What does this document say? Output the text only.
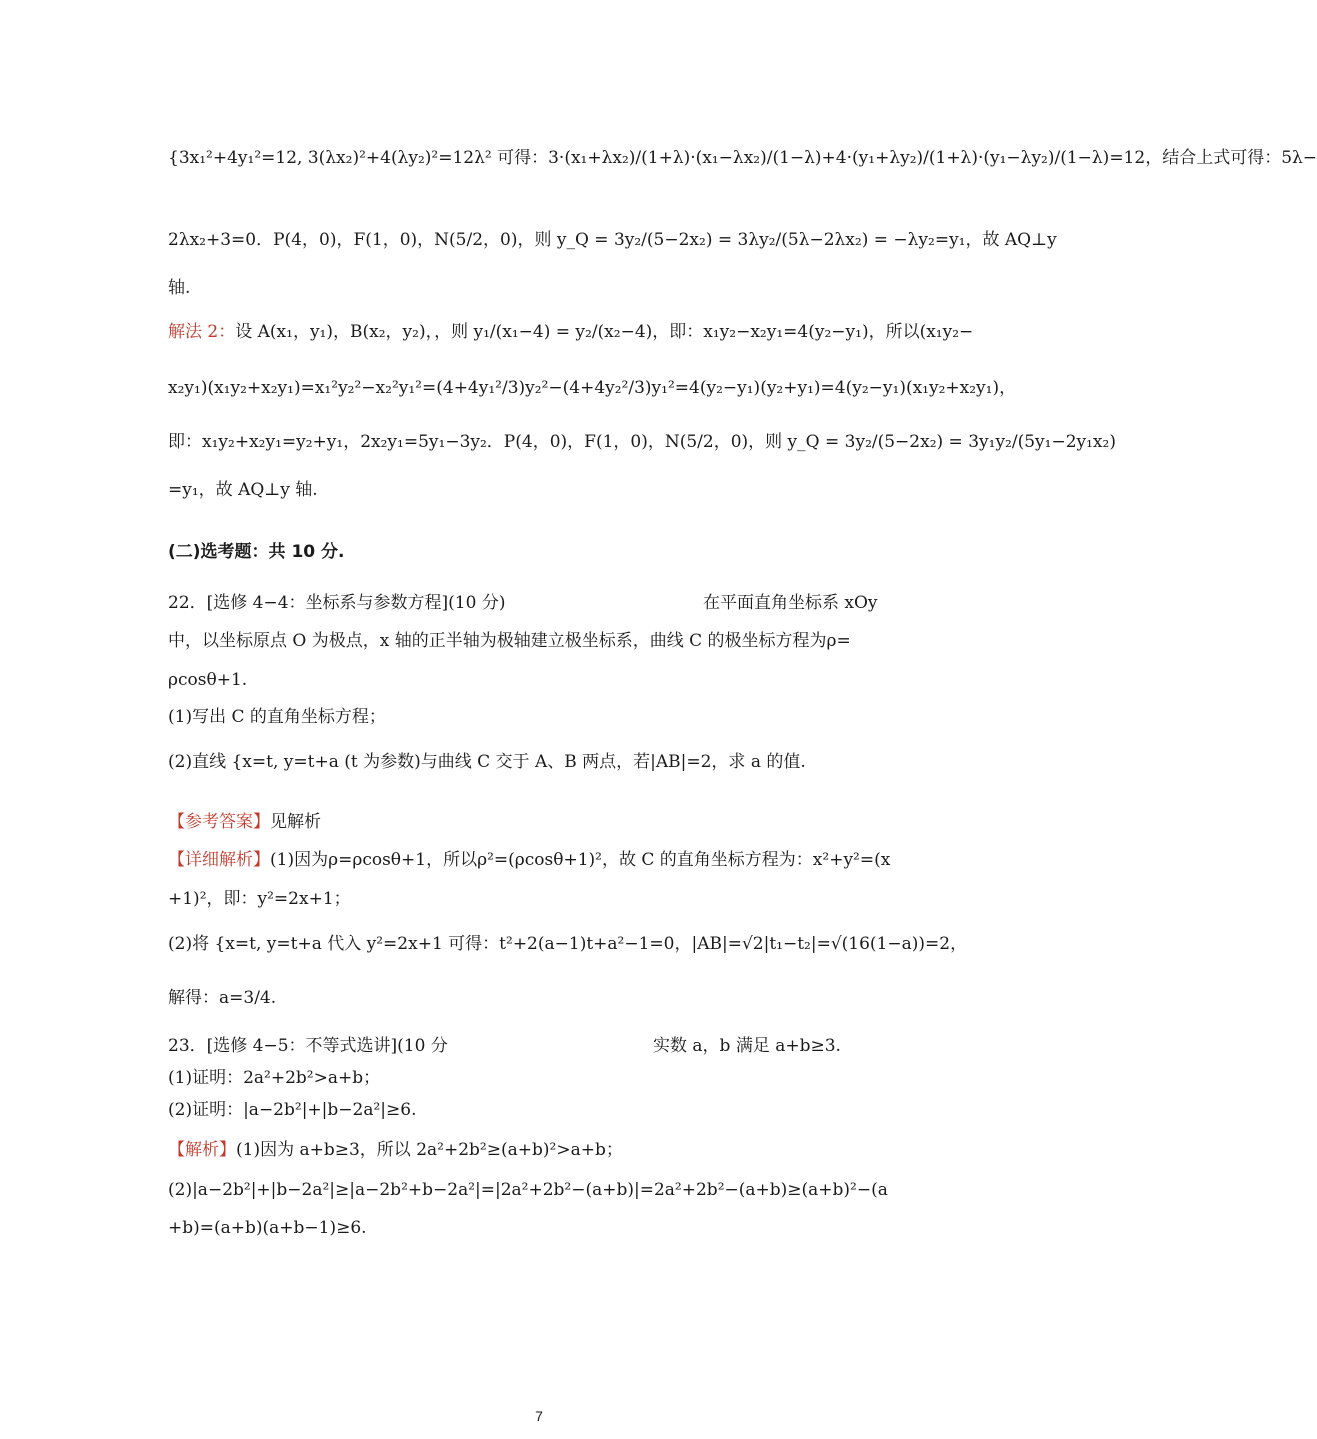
{3x₁²+4y₁²=12, 3(λx₂)²+4(λy₂)²=12λ² 可得：3·(x₁+λx₂)/(1+λ)·(x₁−λx₂)/(1−λ)+4·(y₁+λy₂)/(1+λ)·(y₁−λy₂)/(1−λ)=12，结合上式可得：5λ−
2λx₂+3=0．P(4，0)，F(1，0)，N(5/2，0)，则 y_Q = 3y₂/(5−2x₂) = 3λy₂/(5λ−2λx₂) = −λy₂=y₁，故 AQ⊥y
轴.
解法 2：设 A(x₁，y₁)，B(x₂，y₂)，，则 y₁/(x₁−4) = y₂/(x₂−4)，即：x₁y₂−x₂y₁=4(y₂−y₁)，所以(x₁y₂−
x₂y₁)(x₁y₂+x₂y₁)=x₁²y₂²−x₂²y₁²=(4+4y₁²/3)y₂²−(4+4y₂²/3)y₁²=4(y₂−y₁)(y₂+y₁)=4(y₂−y₁)(x₁y₂+x₂y₁)，
即：x₁y₂+x₂y₁=y₂+y₁，2x₂y₁=5y₁−3y₂．P(4，0)，F(1，0)，N(5/2，0)，则 y_Q = 3y₂/(5−2x₂) = 3y₁y₂/(5y₁−2y₁x₂)
=y₁，故 AQ⊥y 轴.
(二)选考题：共 10 分.
22．[选修 4−4：坐标系与参数方程](10 分)	在平面直角坐标系 xOy
中，以坐标原点 O 为极点，x 轴的正半轴为极轴建立极坐标系，曲线 C 的极坐标方程为ρ=
ρcosθ+1.
(1)写出 C 的直角坐标方程；
(2)直线 {x=t, y=t+a (t 为参数)与曲线 C 交于 A、B 两点，若|AB|=2，求 a 的值.
【参考答案】见解析
【详细解析】(1)因为ρ=ρcosθ+1，所以ρ²=(ρcosθ+1)²，故 C 的直角坐标方程为：x²+y²=(x
+1)²，即：y²=2x+1；
(2)将 {x=t, y=t+a 代入 y²=2x+1 可得：t²+2(a−1)t+a²−1=0，|AB|=√2|t₁−t₂|=√(16(1−a))=2，
解得：a=3/4.
23．[选修 4−5：不等式选讲](10 分	实数 a，b 满足 a+b≥3.
(1)证明：2a²+2b²>a+b；
(2)证明：|a−2b²|+|b−2a²|≥6.
【解析】(1)因为 a+b≥3，所以 2a²+2b²≥(a+b)²>a+b；
(2)|a−2b²|+|b−2a²|≥|a−2b²+b−2a²|=|2a²+2b²−(a+b)|=2a²+2b²−(a+b)≥(a+b)²−(a
+b)=(a+b)(a+b−1)≥6.
7
